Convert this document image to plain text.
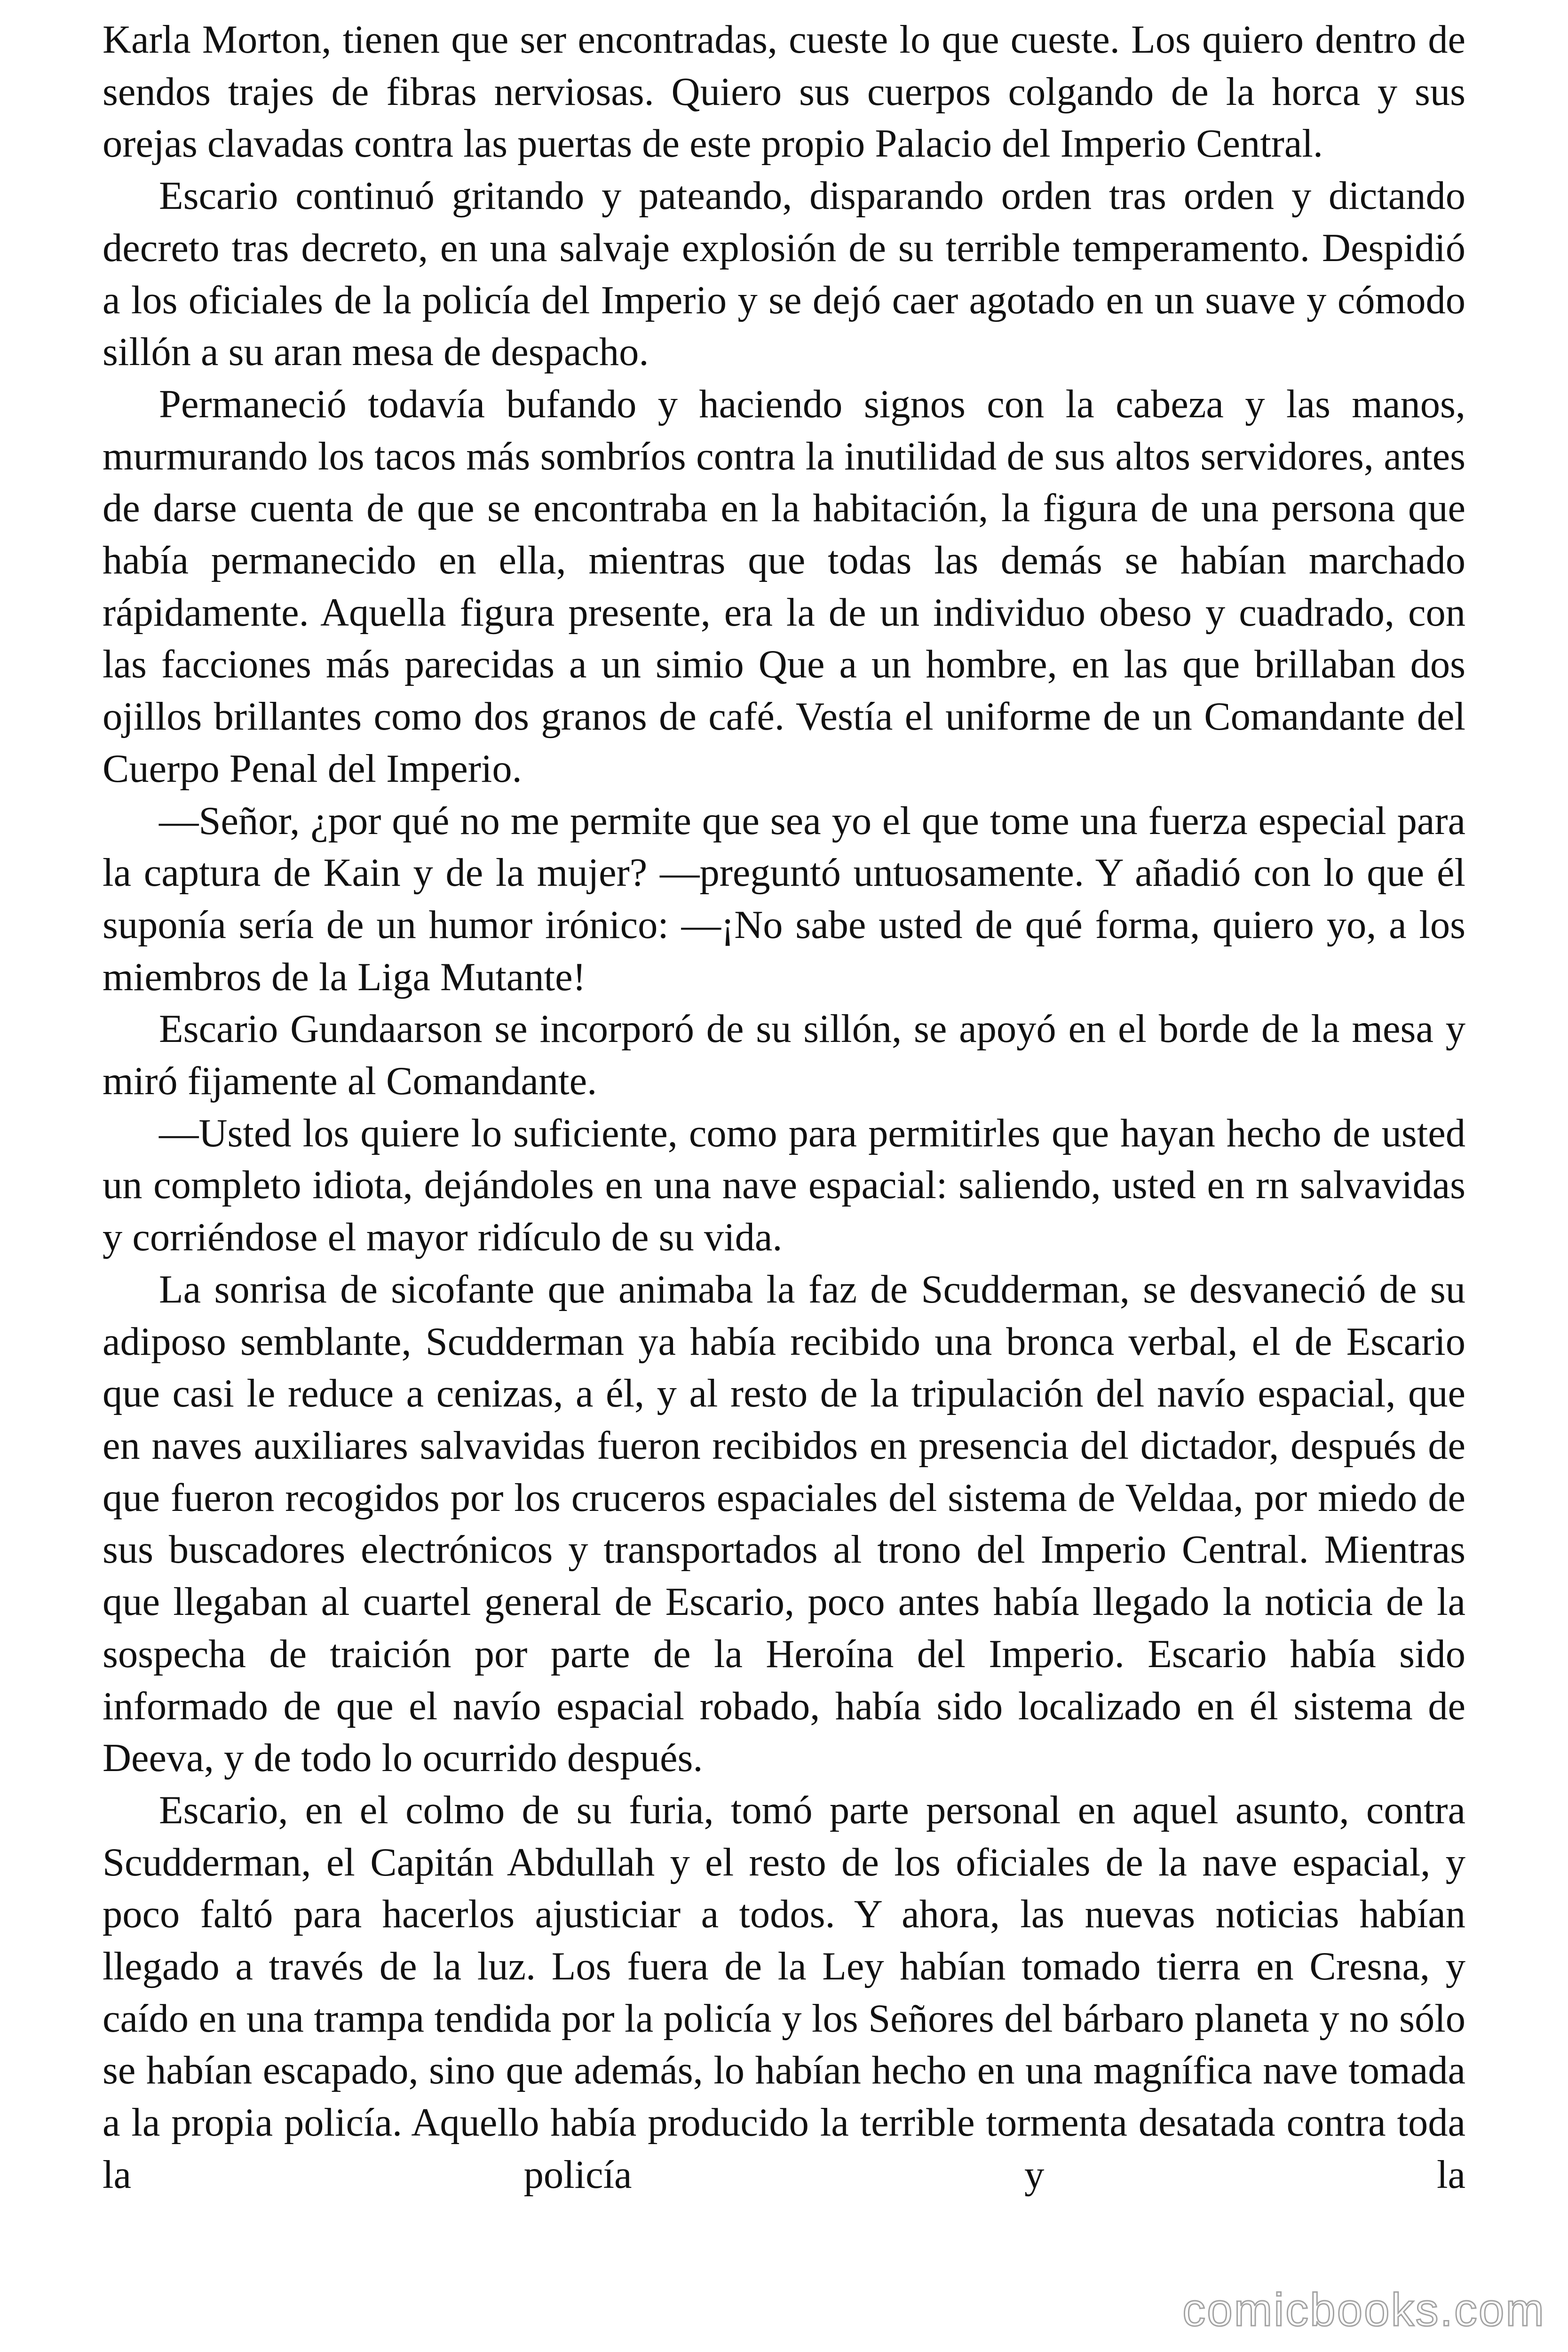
Karla Morton, tienen que ser encontradas, cueste lo que cueste. Los quiero dentro de sendos trajes de fibras nerviosas. Quiero sus cuerpos colgando de la horca y sus orejas clavadas contra las puertas de este propio Palacio del Imperio Central.

Escario continuó gritando y pateando, disparando orden tras orden y dictando decreto tras decreto, en una salvaje explosión de su terrible temperamento. Despidió a los oficiales de la policía del Imperio y se dejó caer agotado en un suave y cómodo sillón a su aran mesa de despacho.

Permaneció todavía bufando y haciendo signos con la cabeza y las manos, murmurando los tacos más sombríos contra la inutilidad de sus altos servidores, antes de darse cuenta de que se encontraba en la habitación, la figura de una persona que había permanecido en ella, mientras que todas las demás se habían marchado rápidamente. Aquella figura presente, era la de un individuo obeso y cuadrado, con las facciones más parecidas a un simio Que a un hombre, en las que brillaban dos ojillos brillantes como dos granos de café. Vestía el uniforme de un Comandante del Cuerpo Penal del Imperio.

—Señor, ¿por qué no me permite que sea yo el que tome una fuerza especial para la captura de Kain y de la mujer? —preguntó untuosamente. Y añadió con lo que él suponía sería de un humor irónico: —¡No sabe usted de qué forma, quiero yo, a los miembros de la Liga Mutante!

Escario Gundaarson se incorporó de su sillón, se apoyó en el borde de la mesa y miró fijamente al Comandante.

—Usted los quiere lo suficiente, como para permitirles que hayan hecho de usted un completo idiota, dejándoles en una nave espacial: saliendo, usted en rn salvavidas y corriéndose el mayor ridículo de su vida.

La sonrisa de sicofante que animaba la faz de Scudderman, se desvaneció de su adiposo semblante, Scudderman ya había recibido una bronca verbal, el de Escario que casi le reduce a cenizas, a él, y al resto de la tripulación del navío espacial, que en naves auxiliares salvavidas fueron recibidos en presencia del dictador, después de que fueron recogidos por los cruceros espaciales del sistema de Veldaa, por miedo de sus buscadores electrónicos y transportados al trono del Imperio Central. Mientras que llegaban al cuartel general de Escario, poco antes había llegado la noticia de la sospecha de traición por parte de la Heroína del Imperio. Escario había sido informado de que el navío espacial robado, había sido localizado en él sistema de Deeva, y de todo lo ocurrido después.

Escario, en el colmo de su furia, tomó parte personal en aquel asunto, contra Scudderman, el Capitán Abdullah y el resto de los oficiales de la nave espacial, y poco faltó para hacerlos ajusticiar a todos. Y ahora, las nuevas noticias habían llegado a través de la luz. Los fuera de la Ley habían tomado tierra en Cresna, y caído en una trampa tendida por la policía y los Señores del bárbaro planeta y no sólo se habían escapado, sino que además, lo habían hecho en una magnífica nave tomada a la propia policía. Aquello había producido la terrible tormenta desatada contra toda la policía y la

comicbooks.com
